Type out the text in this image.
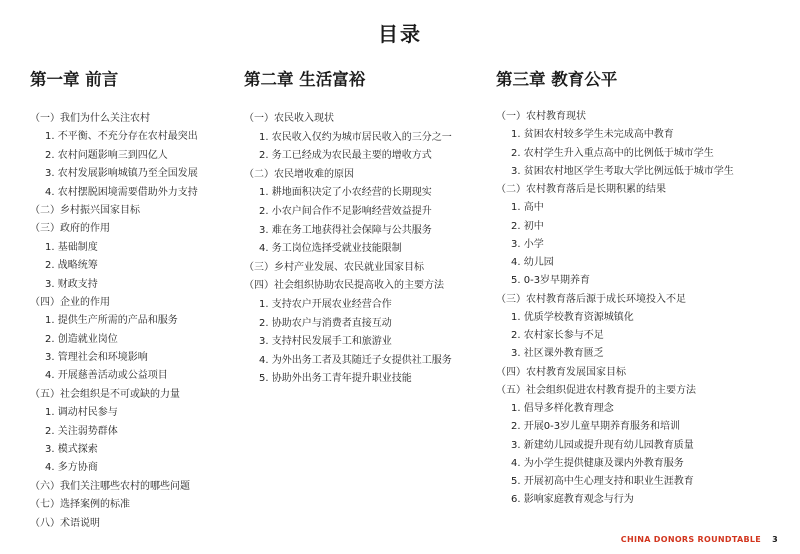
目录
第一章 前言
（一）我们为什么关注农村
1. 不平衡、不充分存在农村最突出
2. 农村问题影响三到四亿人
3. 农村发展影响城镇乃至全国发展
4. 农村摆脱困境需要借助外力支持
（二）乡村振兴国家目标
（三）政府的作用
1. 基础制度
2. 战略统筹
3. 财政支持
（四）企业的作用
1. 提供生产所需的产品和服务
2. 创造就业岗位
3. 管理社会和环境影响
4. 开展慈善活动或公益项目
（五）社会组织是不可或缺的力量
1. 调动村民参与
2. 关注弱势群体
3. 模式探索
4. 多方协商
（六）我们关注哪些农村的哪些问题
（七）选择案例的标准
（八）术语说明
第二章 生活富裕
（一）农民收入现状
1. 农民收入仅约为城市居民收入的三分之一
2. 务工已经成为农民最主要的增收方式
（二）农民增收难的原因
1. 耕地面积决定了小农经营的长期现实
2. 小农户间合作不足影响经营效益提升
3. 难在务工地获得社会保障与公共服务
4. 务工岗位选择受就业技能限制
（三）乡村产业发展、农民就业国家目标
（四）社会组织协助农民提高收入的主要方法
1. 支持农户开展农业经营合作
2. 协助农户与消费者直接互动
3. 支持村民发展手工和旅游业
4. 为外出务工者及其随迁子女提供社工服务
5. 协助外出务工青年提升职业技能
第三章 教育公平
（一）农村教育现状
1. 贫困农村较多学生未完成高中教育
2. 农村学生升入重点高中的比例低于城市学生
3. 贫困农村地区学生考取大学比例远低于城市学生
（二）农村教育落后是长期积累的结果
1. 高中
2. 初中
3. 小学
4. 幼儿园
5. 0-3岁早期养育
（三）农村教育落后源于成长环境投入不足
1. 优质学校教育资源城镇化
2. 农村家长参与不足
3. 社区课外教育匮乏
（四）农村教育发展国家目标
（五）社会组织促进农村教育提升的主要方法
1. 倡导多样化教育理念
2. 开展0-3岁儿童早期养育服务和培训
3. 新建幼儿园或提升现有幼儿园教育质量
4. 为小学生提供健康及课内外教育服务
5. 开展初高中生心理支持和职业生涯教育
6. 影响家庭教育观念与行为
CHINA DONORS ROUNDTABLE 3
